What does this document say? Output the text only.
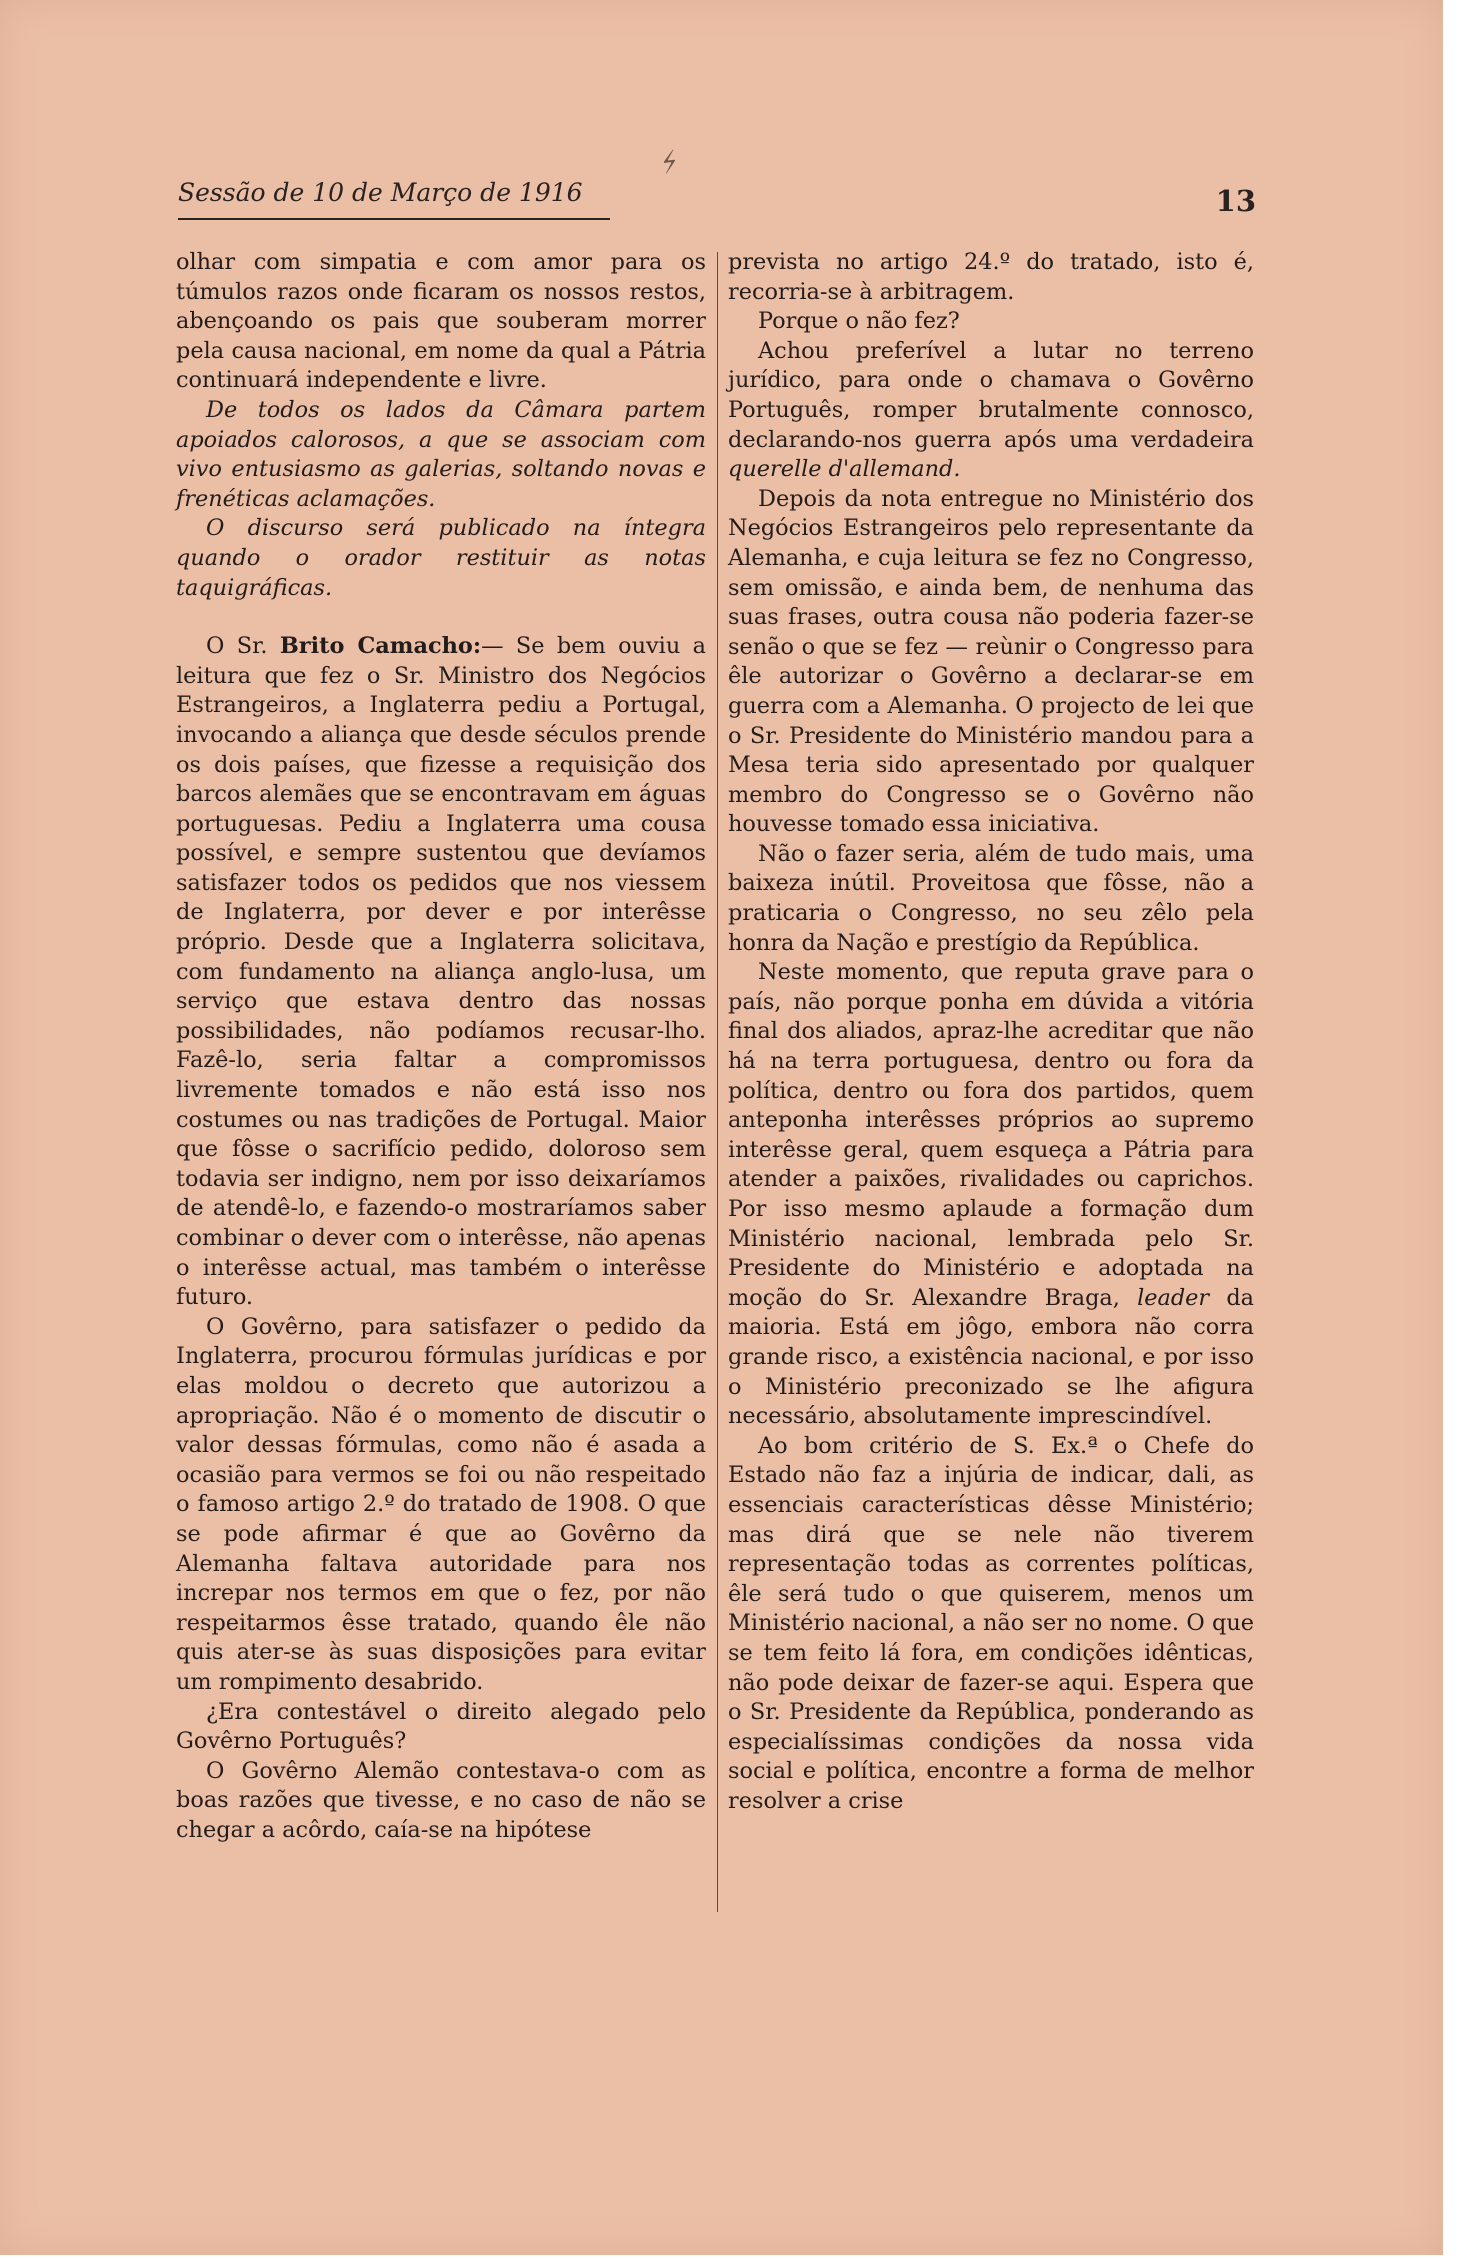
⚡
Sessão de 10 de Março de 1916	13

olhar com simpatia e com amor para os túmulos razos onde ficaram os nossos restos, abençoando os pais que souberam morrer pela causa nacional, em nome da qual a Pátria continuará independente e livre.

De todos os lados da Câmara partem apoiados calorosos, a que se associam com vivo entusiasmo as galerias, soltando novas e frenéticas aclamações.

O discurso será publicado na íntegra quando o orador restituir as notas taquigráficas.

O Sr. Brito Camacho:— Se bem ouviu a leitura que fez o Sr. Ministro dos Negócios Estrangeiros, a Inglaterra pediu a Portugal, invocando a aliança que desde séculos prende os dois países, que fizesse a requisição dos barcos alemães que se encontravam em águas portuguesas. Pediu a Inglaterra uma cousa possível, e sempre sustentou que devíamos satisfazer todos os pedidos que nos viessem de Inglaterra, por dever e por interêsse próprio. Desde que a Inglaterra solicitava, com fundamento na aliança anglo-lusa, um serviço que estava dentro das nossas possibilidades, não podíamos recusar-lho. Fazê-lo, seria faltar a compromissos livremente tomados e não está isso nos costumes ou nas tradições de Portugal. Maior que fôsse o sacrifício pedido, doloroso sem todavia ser indigno, nem por isso deixaríamos de atendê-lo, e fazendo-o mostraríamos saber combinar o dever com o interêsse, não apenas o interêsse actual, mas também o interêsse futuro.

O Govêrno, para satisfazer o pedido da Inglaterra, procurou fórmulas jurídicas e por elas moldou o decreto que autorizou a apropriação. Não é o momento de discutir o valor dessas fórmulas, como não é asada a ocasião para vermos se foi ou não respeitado o famoso artigo 2.º do tratado de 1908. O que se pode afirmar é que ao Govêrno da Alemanha faltava autoridade para nos increpar nos termos em que o fez, por não respeitarmos êsse tratado, quando êle não quis ater-se às suas disposições para evitar um rompimento desabrido.

¿Era contestável o direito alegado pelo Govêrno Português?

O Govêrno Alemão contestava-o com as boas razões que tivesse, e no caso de não se chegar a acôrdo, caía-se na hipótese

prevista no artigo 24.º do tratado, isto é, recorria-se à arbitragem.

Porque o não fez?

Achou preferível a lutar no terreno jurídico, para onde o chamava o Govêrno Português, romper brutalmente connosco, declarando-nos guerra após uma verdadeira querelle d'allemand.

Depois da nota entregue no Ministério dos Negócios Estrangeiros pelo representante da Alemanha, e cuja leitura se fez no Congresso, sem omissão, e ainda bem, de nenhuma das suas frases, outra cousa não poderia fazer-se senão o que se fez — reùnir o Congresso para êle autorizar o Govêrno a declarar-se em guerra com a Alemanha. O projecto de lei que o Sr. Presidente do Ministério mandou para a Mesa teria sido apresentado por qualquer membro do Congresso se o Govêrno não houvesse tomado essa iniciativa.

Não o fazer seria, além de tudo mais, uma baixeza inútil. Proveitosa que fôsse, não a praticaria o Congresso, no seu zêlo pela honra da Nação e prestígio da República.

Neste momento, que reputa grave para o país, não porque ponha em dúvida a vitória final dos aliados, apraz-lhe acreditar que não há na terra portuguesa, dentro ou fora da política, dentro ou fora dos partidos, quem anteponha interêsses próprios ao supremo interêsse geral, quem esqueça a Pátria para atender a paixões, rivalidades ou caprichos. Por isso mesmo aplaude a formação dum Ministério nacional, lembrada pelo Sr. Presidente do Ministério e adoptada na moção do Sr. Alexandre Braga, leader da maioria. Está em jôgo, embora não corra grande risco, a existência nacional, e por isso o Ministério preconizado se lhe afigura necessário, absolutamente imprescindível.

Ao bom critério de S. Ex.ª o Chefe do Estado não faz a injúria de indicar, dali, as essenciais características dêsse Ministério; mas dirá que se nele não tiverem representação todas as correntes políticas, êle será tudo o que quiserem, menos um Ministério nacional, a não ser no nome. O que se tem feito lá fora, em condições idênticas, não pode deixar de fazer-se aqui. Espera que o Sr. Presidente da República, ponderando as especialíssimas condições da nossa vida social e política, encontre a forma de melhor resolver a crise
